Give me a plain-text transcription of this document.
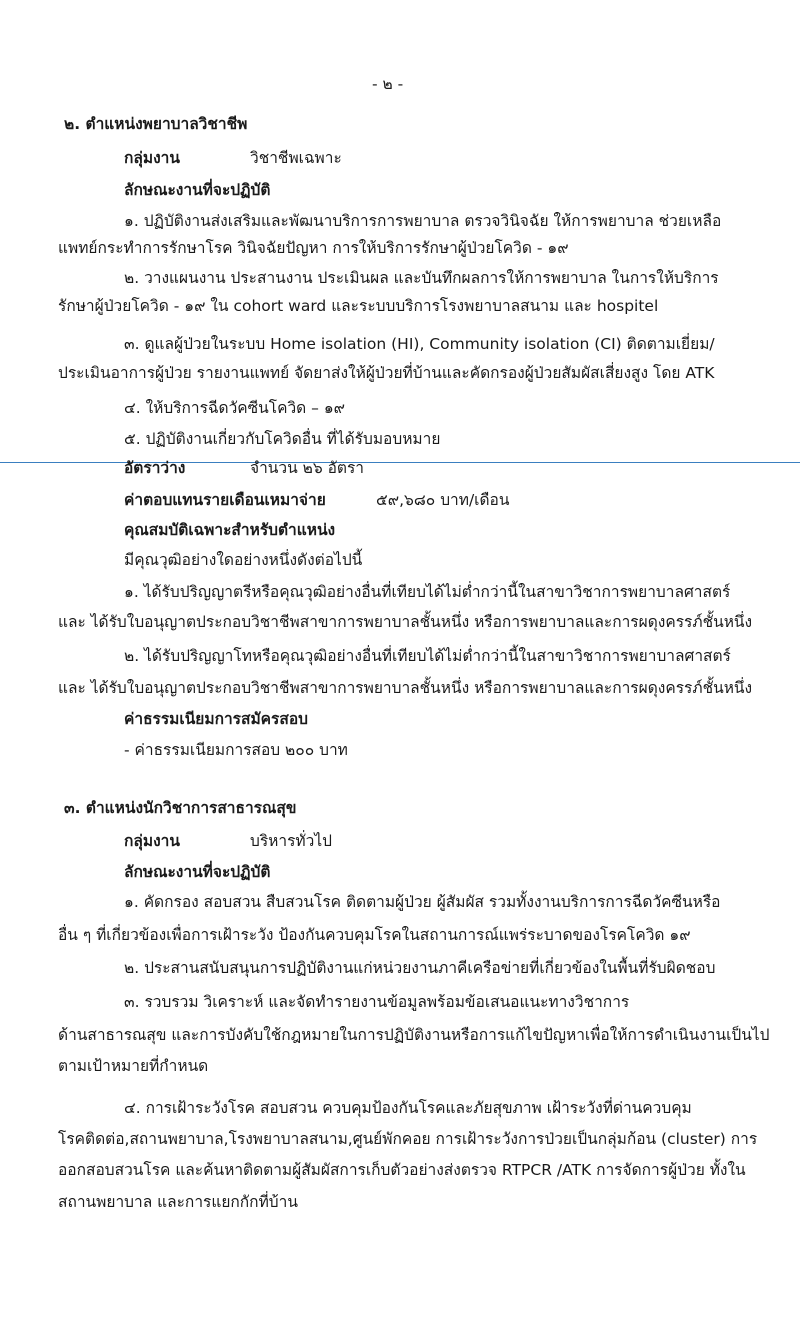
- ๒ -
๒. ตำแหน่งพยาบาลวิชาชีพ
กลุ่มงาน	วิชาชีพเฉพาะ
ลักษณะงานที่จะปฏิบัติ
๑. ปฏิบัติงานส่งเสริมและพัฒนาบริการการพยาบาล ตรวจวินิจฉัย ให้การพยาบาล ช่วยเหลือ
แพทย์กระทำการรักษาโรค วินิจฉัยปัญหา การให้บริการรักษาผู้ป่วยโควิด - ๑๙
๒. วางแผนงาน ประสานงาน ประเมินผล และบันทึกผลการให้การพยาบาล ในการให้บริการ
รักษาผู้ป่วยโควิด - ๑๙ ใน cohort ward และระบบบริการโรงพยาบาลสนาม และ hospitel
๓. ดูแลผู้ป่วยในระบบ Home isolation (HI), Community isolation (CI) ติดตามเยี่ยม/
ประเมินอาการผู้ป่วย รายงานแพทย์ จัดยาส่งให้ผู้ป่วยที่บ้านและคัดกรองผู้ป่วยสัมผัสเสี่ยงสูง โดย ATK
๔. ให้บริการฉีดวัคซีนโควิด – ๑๙
๕. ปฏิบัติงานเกี่ยวกับโควิดอื่น ที่ได้รับมอบหมาย
อัตราว่าง	จำนวน ๒๖ อัตรา
ค่าตอบแทนรายเดือนเหมาจ่าย	๕๙,๖๘๐ บาท/เดือน
คุณสมบัติเฉพาะสำหรับตำแหน่ง
มีคุณวุฒิอย่างใดอย่างหนึ่งดังต่อไปนี้
๑. ได้รับปริญญาตรีหรือคุณวุฒิอย่างอื่นที่เทียบได้ไม่ต่ำกว่านี้ในสาขาวิชาการพยาบาลศาสตร์
และ ได้รับใบอนุญาตประกอบวิชาชีพสาขาการพยาบาลชั้นหนึ่ง หรือการพยาบาลและการผดุงครรภ์ชั้นหนึ่ง
๒. ได้รับปริญญาโทหรือคุณวุฒิอย่างอื่นที่เทียบได้ไม่ต่ำกว่านี้ในสาขาวิชาการพยาบาลศาสตร์
และ ได้รับใบอนุญาตประกอบวิชาชีพสาขาการพยาบาลชั้นหนึ่ง หรือการพยาบาลและการผดุงครรภ์ชั้นหนึ่ง
ค่าธรรมเนียมการสมัครสอบ
- ค่าธรรมเนียมการสอบ ๒๐๐ บาท
๓. ตำแหน่งนักวิชาการสาธารณสุข
กลุ่มงาน	บริหารทั่วไป
ลักษณะงานที่จะปฏิบัติ
๑. คัดกรอง สอบสวน สืบสวนโรค ติดตามผู้ป่วย ผู้สัมผัส รวมทั้งงานบริการการฉีดวัคซีนหรือ
อื่น ๆ ที่เกี่ยวข้องเพื่อการเฝ้าระวัง ป้องกันควบคุมโรคในสถานการณ์แพร่ระบาดของโรคโควิด ๑๙
๒. ประสานสนับสนุนการปฏิบัติงานแก่หน่วยงานภาคีเครือข่ายที่เกี่ยวข้องในพื้นที่รับผิดชอบ
๓. รวบรวม วิเคราะห์ และจัดทำรายงานข้อมูลพร้อมข้อเสนอแนะทางวิชาการ
ด้านสาธารณสุข และการบังคับใช้กฎหมายในการปฏิบัติงานหรือการแก้ไขปัญหาเพื่อให้การดำเนินงานเป็นไป
ตามเป้าหมายที่กำหนด
๔. การเฝ้าระวังโรค สอบสวน ควบคุมป้องกันโรคและภัยสุขภาพ เฝ้าระวังที่ด่านควบคุม
โรคติดต่อ,สถานพยาบาล,โรงพยาบาลสนาม,ศูนย์พักคอย การเฝ้าระวังการป่วยเป็นกลุ่มก้อน (cluster) การ
ออกสอบสวนโรค และค้นหาติดตามผู้สัมผัสการเก็บตัวอย่างส่งตรวจ RTPCR /ATK การจัดการผู้ป่วย ทั้งใน
สถานพยาบาล และการแยกกักที่บ้าน
